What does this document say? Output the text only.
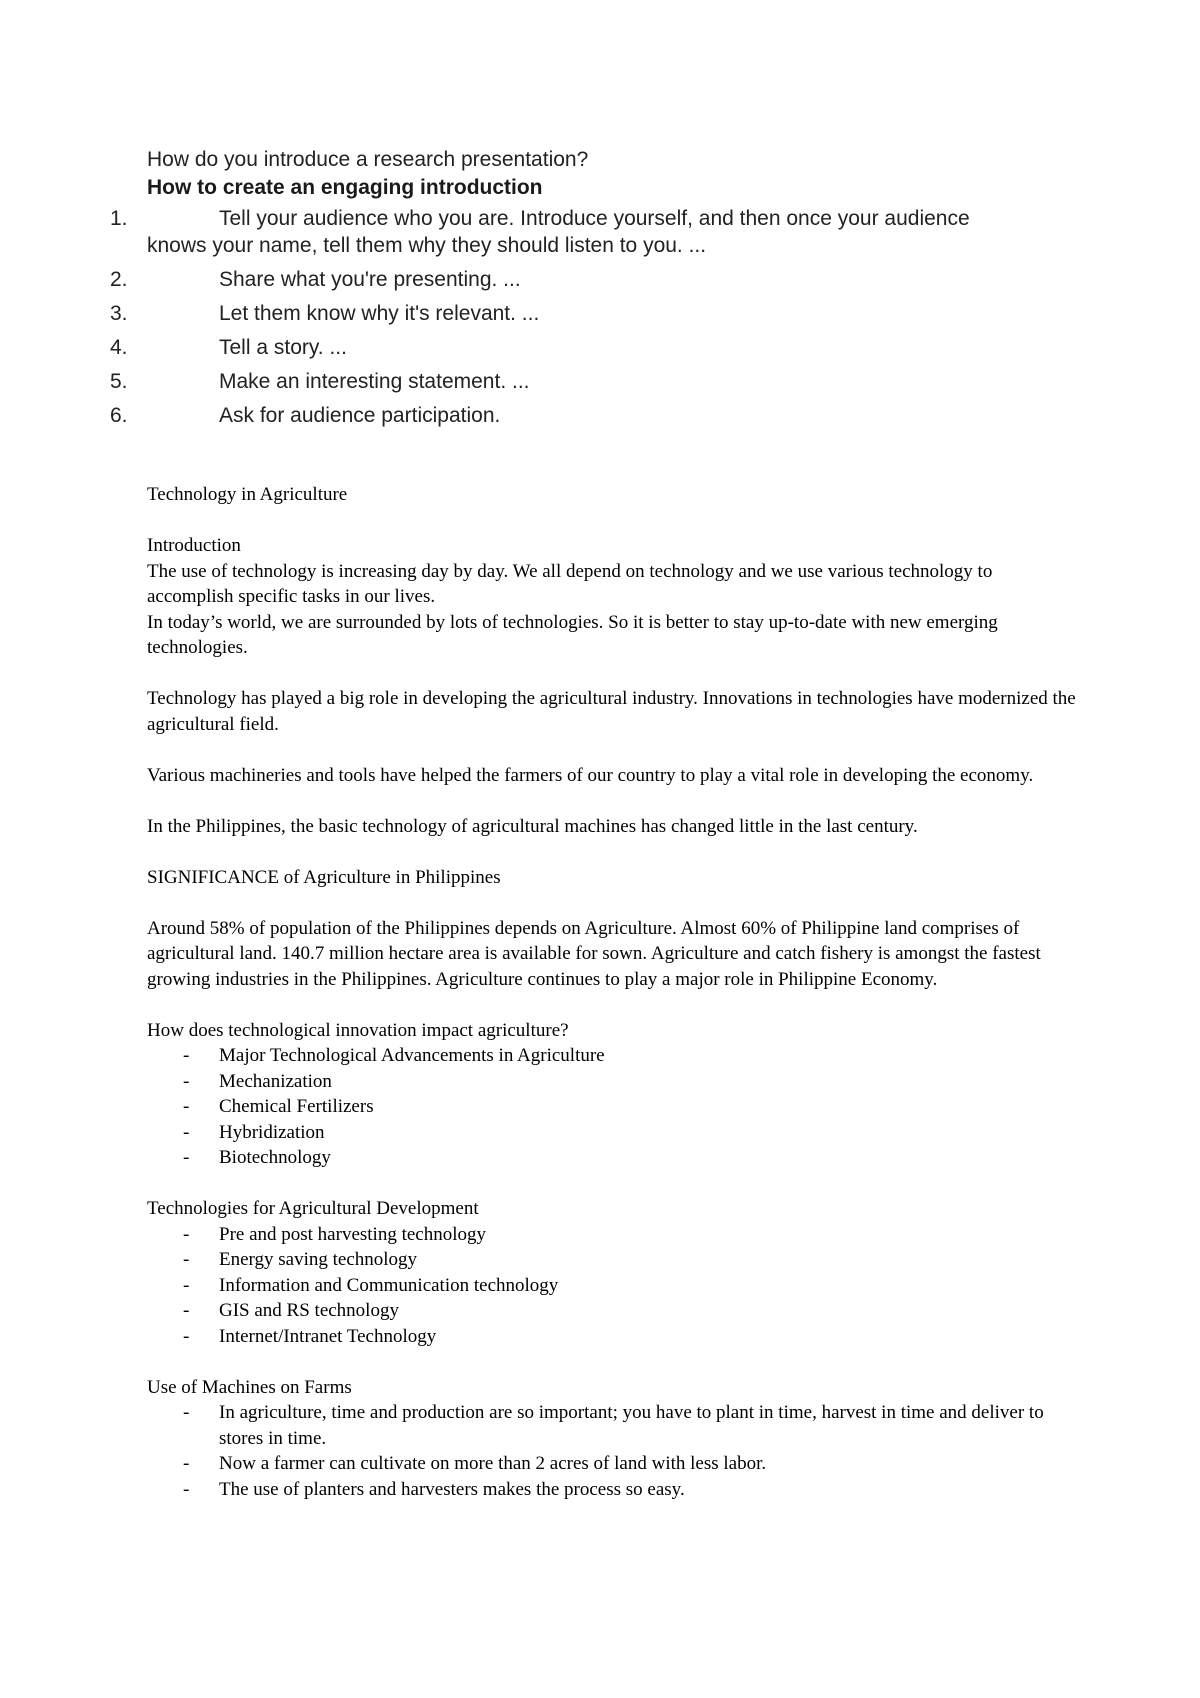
How do you introduce a research presentation?
How to create an engaging introduction
1.	Tell your audience who you are. Introduce yourself, and then once your audience knows your name, tell them why they should listen to you. ...
2.	Share what you're presenting. ...
3.	Let them know why it's relevant. ...
4.	Tell a story. ...
5.	Make an interesting statement. ...
6.	Ask for audience participation.

Technology in Agriculture

Introduction

The use of technology is increasing day by day. We all depend on technology and we use various technology to accomplish specific tasks in our lives.

In today’s world, we are surrounded by lots of technologies. So it is better to stay up-to-date with new emerging technologies.

Technology has played a big role in developing the agricultural industry. Innovations in technologies have modernized the agricultural field.

Various machineries and tools have helped the farmers of our country to play a vital role in developing the economy.

In the Philippines, the basic technology of agricultural machines has changed little in the last century.

SIGNIFICANCE of Agriculture in Philippines

Around 58% of population of the Philippines depends on Agriculture. Almost 60% of Philippine land comprises of agricultural land. 140.7 million hectare area is available for sown. Agriculture and catch fishery is amongst the fastest growing industries in the Philippines. Agriculture continues to play a major role in Philippine Economy.

How does technological innovation impact agriculture?

- Major Technological Advancements in Agriculture
- Mechanization
- Chemical Fertilizers
- Hybridization
- Biotechnology

Technologies for Agricultural Development

- Pre and post harvesting technology
- Energy saving technology
- Information and Communication technology
- GIS and RS technology
- Internet/Intranet Technology

Use of Machines on Farms

- In agriculture, time and production are so important; you have to plant in time, harvest in time and deliver to stores in time.
- Now a farmer can cultivate on more than 2 acres of land with less labor.
- The use of planters and harvesters makes the process so easy.
